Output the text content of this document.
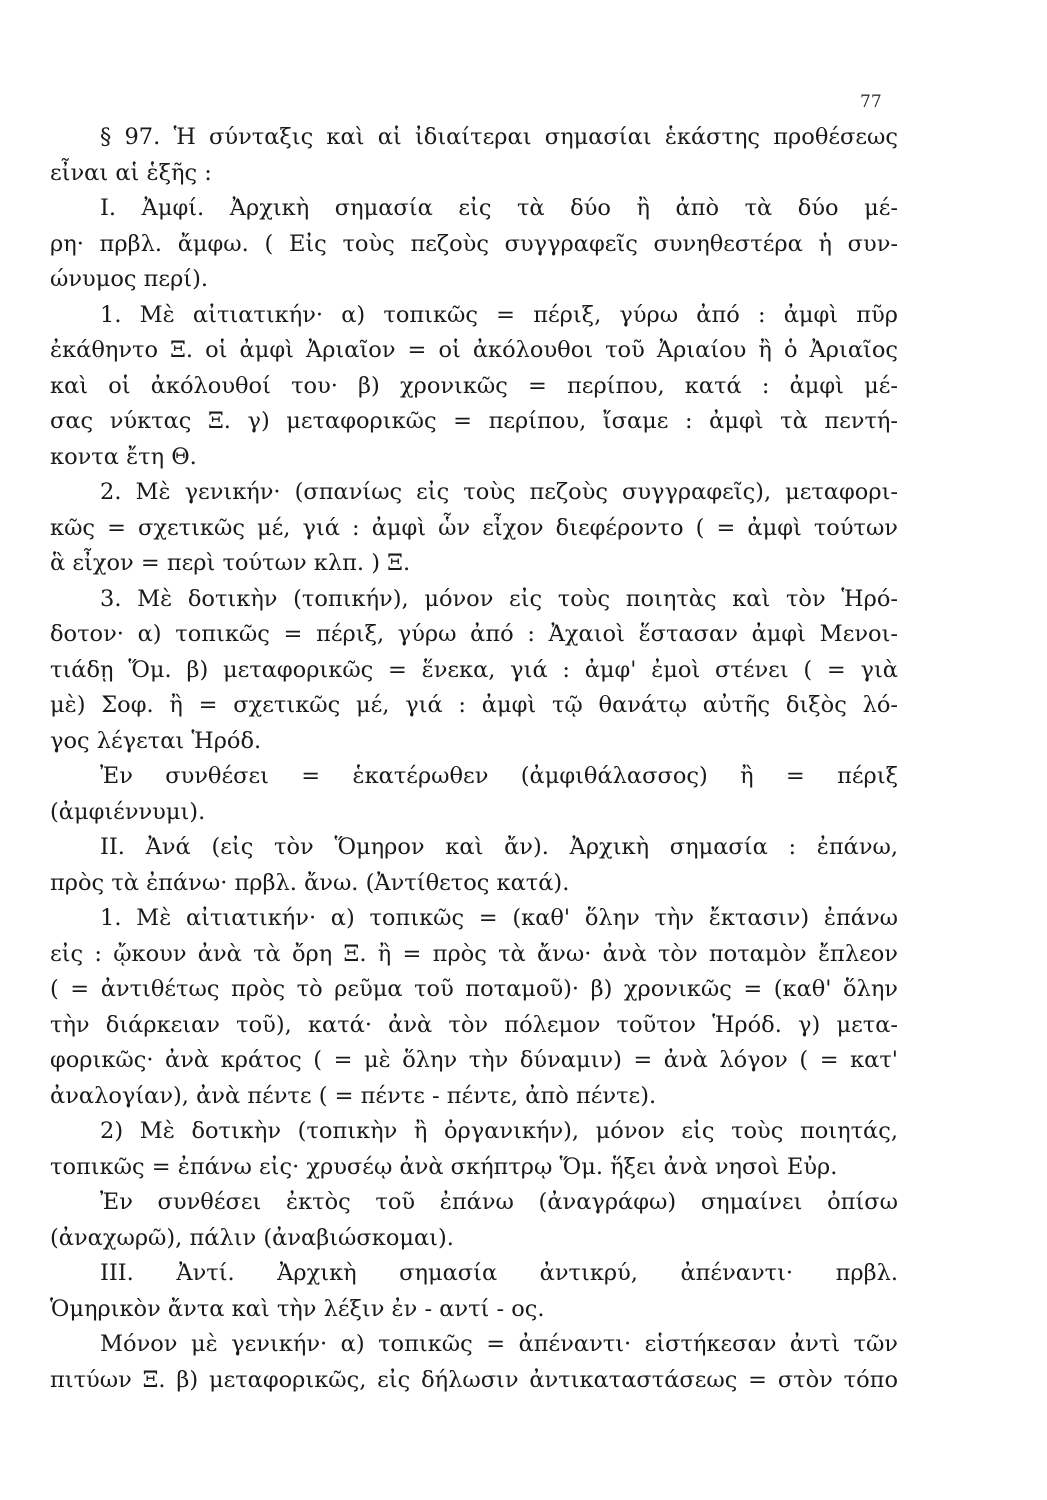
77
§ 97. Ἡ σύνταξις καὶ αἱ ἰδιαίτεραι σημασίαι ἑκάστης προθέσεως
εἶναι αἱ ἑξῆς :
Ι. Ἀμφί. Ἀρχικὴ σημασία εἰς τὰ δύο ἢ ἀπὸ τὰ δύο μέ-
ρη· πρβλ. ἄμφω. ( Εἰς τοὺς πεζοὺς συγγραφεῖς συνηθεστέρα ἡ συν-
ώνυμος περί).
1. Μὲ αἰτιατικήν· α) τοπικῶς = πέριξ, γύρω ἀπό : ἀμφὶ πῦρ
ἐκάθηντο Ξ. οἱ ἀμφὶ Ἀριαῖον = οἱ ἀκόλουθοι τοῦ Ἀριαίου ἢ ὁ Ἀριαῖος
καὶ οἱ ἀκόλουθοί του· β) χρονικῶς = περίπου, κατά : ἀμφὶ μέ-
σας νύκτας Ξ. γ) μεταφορικῶς = περίπου, ἴσαμε : ἀμφὶ τὰ πεντή-
κοντα ἔτη Θ.
2. Μὲ γενικήν· (σπανίως εἰς τοὺς πεζοὺς συγγραφεῖς), μεταφορι-
κῶς = σχετικῶς μέ, γιά : ἀμφὶ ὧν εἶχον διεφέροντο ( = ἀμφὶ τούτων
ἃ εἶχον = περὶ τούτων κλπ. ) Ξ.
3. Μὲ δοτικὴν (τοπικήν), μόνον εἰς τοὺς ποιητὰς καὶ τὸν Ἡρό-
δοτον· α) τοπικῶς = πέριξ, γύρω ἀπό : Ἀχαιοὶ ἕστασαν ἀμφὶ Μενοι-
τιάδῃ Ὅμ. β) μεταφορικῶς = ἕνεκα, γιά : ἀμφ' ἐμοὶ στένει ( = γιὰ
μὲ) Σοφ. ἢ = σχετικῶς μέ, γιά : ἀμφὶ τῷ θανάτῳ αὐτῆς διξὸς λό-
γος λέγεται Ἡρόδ.
Ἐν συνθέσει = ἑκατέρωθεν (ἀμφιθάλασσος) ἢ = πέριξ
(ἀμφιέννυμι).
ΙΙ. Ἀνά (εἰς τὸν Ὅμηρον καὶ ἄν). Ἀρχικὴ σημασία : ἐπάνω,
πρὸς τὰ ἐπάνω· πρβλ. ἄνω. (Ἀντίθετος κατά).
1. Μὲ αἰτιατικήν· α) τοπικῶς = (καθ' ὅλην τὴν ἔκτασιν) ἐπάνω
εἰς : ᾤκουν ἀνὰ τὰ ὄρη Ξ. ἢ = πρὸς τὰ ἄνω· ἀνὰ τὸν ποταμὸν ἔπλεον
( = ἀντιθέτως πρὸς τὸ ρεῦμα τοῦ ποταμοῦ)· β) χρονικῶς = (καθ' ὅλην
τὴν διάρκειαν τοῦ), κατά· ἀνὰ τὸν πόλεμον τοῦτον Ἡρόδ. γ) μετα-
φορικῶς· ἀνὰ κράτος ( = μὲ ὅλην τὴν δύναμιν) = ἀνὰ λόγον ( = κατ'
ἀναλογίαν), ἀνὰ πέντε ( = πέντε - πέντε, ἀπὸ πέντε).
2) Μὲ δοτικὴν (τοπικὴν ἢ ὀργανικήν), μόνον εἰς τοὺς ποιητάς,
τοπικῶς = ἐπάνω εἰς· χρυσέῳ ἀνὰ σκήπτρῳ Ὅμ. ἥξει ἀνὰ νησοὶ Εὐρ.
Ἐν συνθέσει ἐκτὸς τοῦ ἐπάνω (ἀναγράφω) σημαίνει ὀπίσω
(ἀναχωρῶ), πάλιν (ἀναβιώσκομαι).
ΙΙΙ. Ἀντί. Ἀρχικὴ σημασία ἀντικρύ, ἀπέναντι· πρβλ.
Ὁμηρικὸν ἄντα καὶ τὴν λέξιν ἐν - αντί - ος.
Μόνον μὲ γενικήν· α) τοπικῶς = ἀπέναντι· εἱστήκεσαν ἀντὶ τῶν
πιτύων Ξ. β) μεταφορικῶς, εἰς δήλωσιν ἀντικαταστάσεως = στὸν τόπο
